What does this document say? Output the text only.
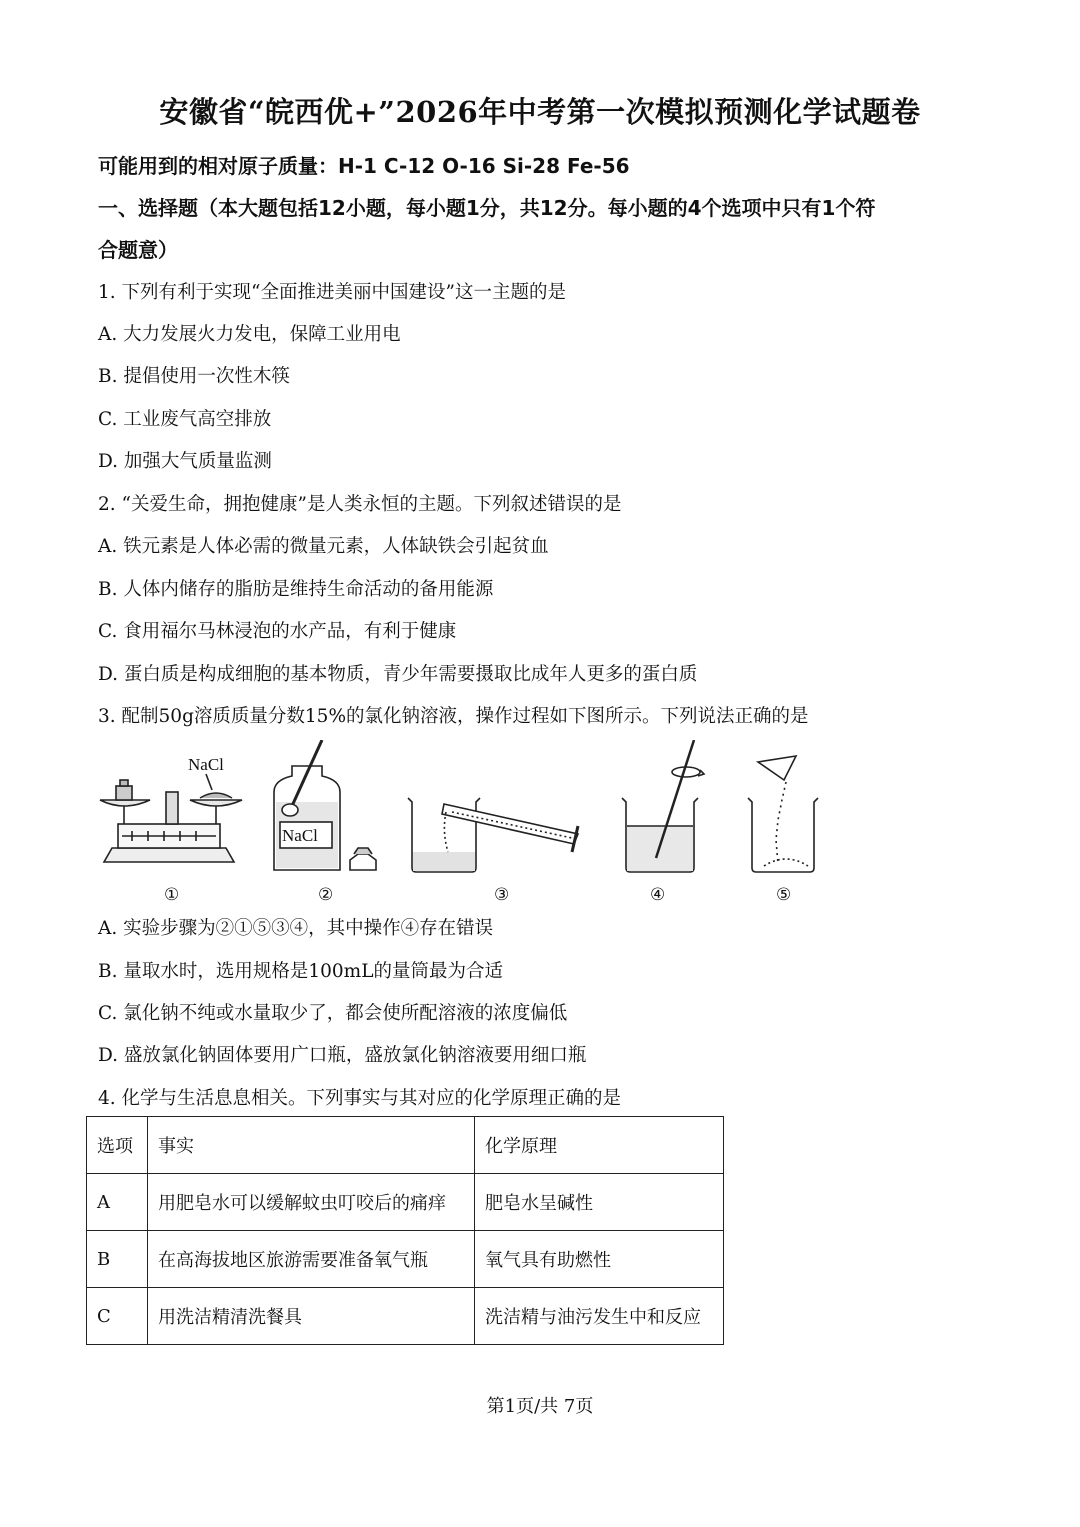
安徽省“皖西优+”2026年中考第一次模拟预测化学试题卷
可能用到的相对原子质量：H-1 C-12 O-16 Si-28 Fe-56
一、选择题（本大题包括12小题，每小题1分，共12分。每小题的4个选项中只有1个符
合题意）
1. 下列有利于实现“全面推进美丽中国建设”这一主题的是
A. 大力发展火力发电，保障工业用电
B. 提倡使用一次性木筷
C. 工业废气高空排放
D. 加强大气质量监测
2. “关爱生命，拥抱健康”是人类永恒的主题。下列叙述错误的是
A. 铁元素是人体必需的微量元素，人体缺铁会引起贫血
B. 人体内储存的脂肪是维持生命活动的备用能源
C. 食用福尔马林浸泡的水产品，有利于健康
D. 蛋白质是构成细胞的基本物质，青少年需要摄取比成年人更多的蛋白质
3. 配制50g溶质质量分数15%的氯化钠溶液，操作过程如下图所示。下列说法正确的是
NaCl
NaCl
①	②	③	④	⑤
A. 实验步骤为②①⑤③④，其中操作④存在错误
B. 量取水时，选用规格是100mL的量筒最为合适
C. 氯化钠不纯或水量取少了，都会使所配溶液的浓度偏低
D. 盛放氯化钠固体要用广口瓶，盛放氯化钠溶液要用细口瓶
4. 化学与生活息息相关。下列事实与其对应的化学原理正确的是
选项	事实	化学原理
A	用肥皂水可以缓解蚊虫叮咬后的痛痒	肥皂水呈碱性
B	在高海拔地区旅游需要准备氧气瓶	氧气具有助燃性
C	用洗洁精清洗餐具	洗洁精与油污发生中和反应
第1页/共 7页
